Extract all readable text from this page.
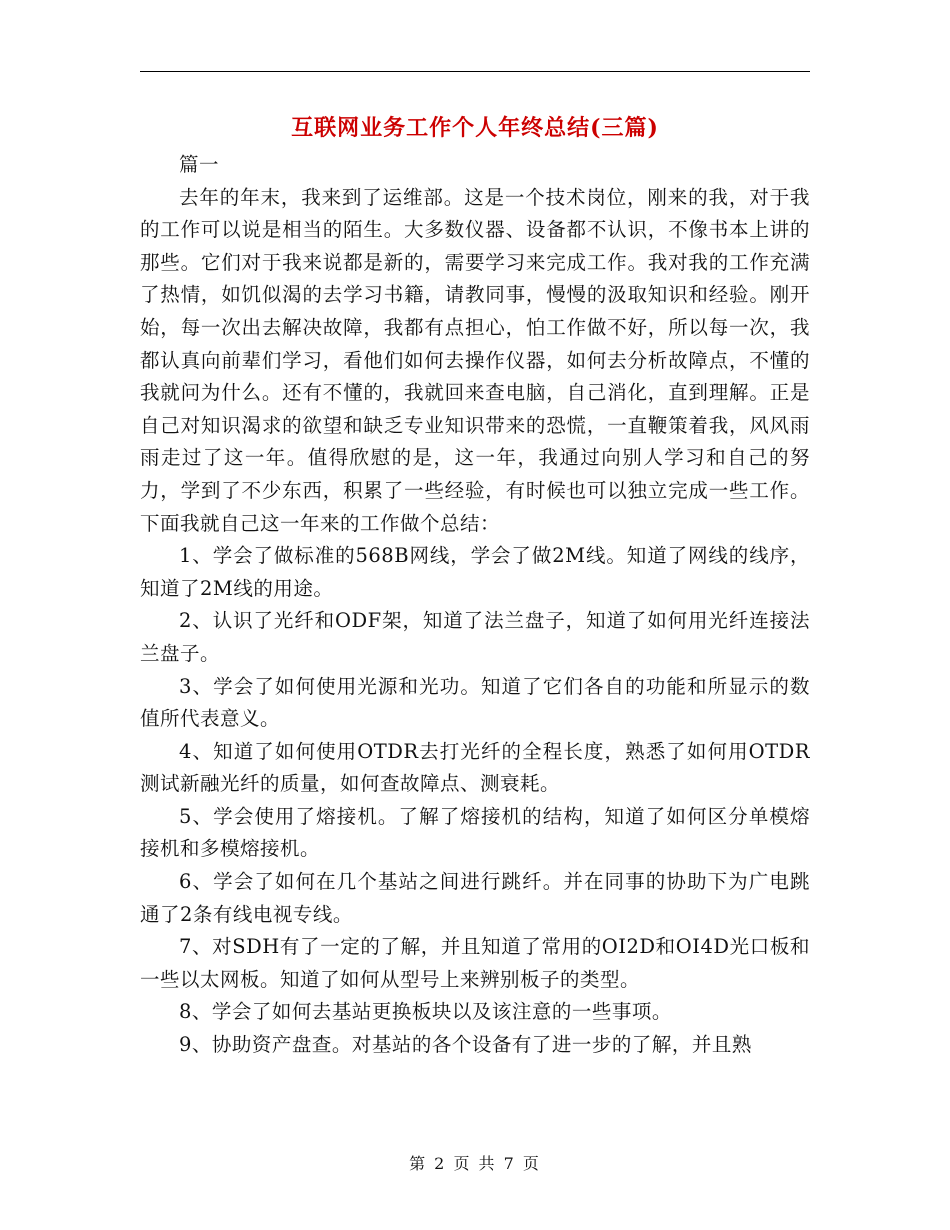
互联网业务工作个人年终总结(三篇)

篇一

去年的年末，我来到了运维部。这是一个技术岗位，刚来的我，对于我的工作可以说是相当的陌生。大多数仪器、设备都不认识，不像书本上讲的那些。它们对于我来说都是新的，需要学习来完成工作。我对我的工作充满了热情，如饥似渴的去学习书籍，请教同事，慢慢的汲取知识和经验。刚开始，每一次出去解决故障，我都有点担心，怕工作做不好，所以每一次，我都认真向前辈们学习，看他们如何去操作仪器，如何去分析故障点，不懂的我就问为什么。还有不懂的，我就回来查电脑，自己消化，直到理解。正是自己对知识渴求的欲望和缺乏专业知识带来的恐慌，一直鞭策着我，风风雨雨走过了这一年。值得欣慰的是，这一年，我通过向别人学习和自己的努力，学到了不少东西，积累了一些经验，有时候也可以独立完成一些工作。下面我就自己这一年来的工作做个总结：

1、学会了做标准的568B网线，学会了做2M线。知道了网线的线序，知道了2M线的用途。

2、认识了光纤和ODF架，知道了法兰盘子，知道了如何用光纤连接法兰盘子。

3、学会了如何使用光源和光功。知道了它们各自的功能和所显示的数值所代表意义。

4、知道了如何使用OTDR去打光纤的全程长度，熟悉了如何用OTDR测试新融光纤的质量，如何查故障点、测衰耗。

5、学会使用了熔接机。了解了熔接机的结构，知道了如何区分单模熔接机和多模熔接机。

6、学会了如何在几个基站之间进行跳纤。并在同事的协助下为广电跳通了2条有线电视专线。

7、对SDH有了一定的了解，并且知道了常用的OI2D和OI4D光口板和一些以太网板。知道了如何从型号上来辨别板子的类型。

8、学会了如何去基站更换板块以及该注意的一些事项。

9、协助资产盘查。对基站的各个设备有了进一步的了解，并且熟

第 2 页 共 7 页
